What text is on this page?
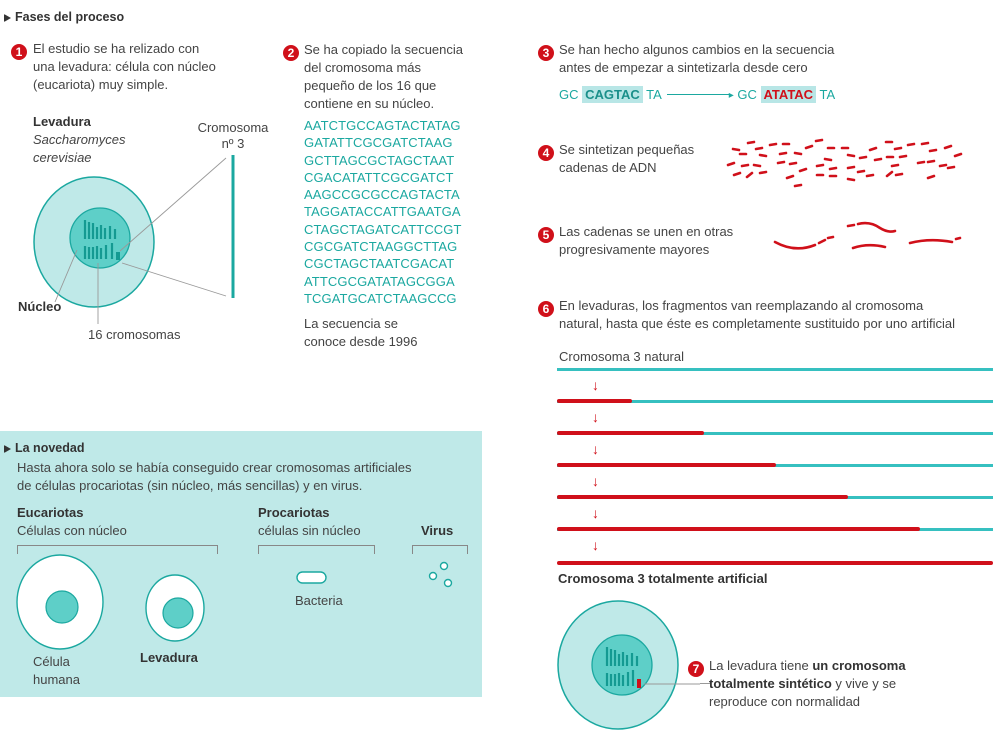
Fases del proceso
1 El estudio se ha relizado con
una levadura: célula con núcleo
(eucariota) muy simple.
Levadura
Saccharomyces
cerevisiae
Cromosoma
nº 3
Núcleo
16 cromosomas
2 Se ha copiado la secuencia
del cromosoma más
pequeño de los 16 que
contiene en su núcleo.
AATCTGCCAGTACTATAG
GATATTCGCGATCTAAG
GCTTAGCGCTAGCTAAT
CGACATATTCGCGATCT
AAGCCGCGCCAGTACTA
TAGGATACCATTGAATGA
CTAGCTAGATCATTCCGT
CGCGATCTAAGGCTTAG
CGCTAGCTAATCGACAT
ATTCGCGATATAGCGGA
TCGATGCATCTAAGCCG
La secuencia se
conoce desde 1996
3 Se han hecho algunos cambios en la secuencia
antes de empezar a sintetizarla desde cero
GC CAGTAC TA	▸ GC ATATAC TA
4 Se sintetizan pequeñas
cadenas de ADN
5 Las cadenas se unen en otras
progresivamente mayores
6 En levaduras, los fragmentos van reemplazando al cromosoma
natural, hasta que éste es completamente sustituido por uno artificial
Cromosoma 3 natural
↓
↓
↓
↓
↓
↓
Cromosoma 3 totalmente artificial
7 La levadura tiene un cromosoma
totalmente sintético y vive y se
reproduce con normalidad
La novedad
Hasta ahora solo se había conseguido crear cromosomas artificiales
de células procariotas (sin núcleo, más sencillas) y en virus.
Eucariotas
Células con núcleo
Procariotas
células sin núcleo	Virus
Bacteria
Levadura
Célula
humana
